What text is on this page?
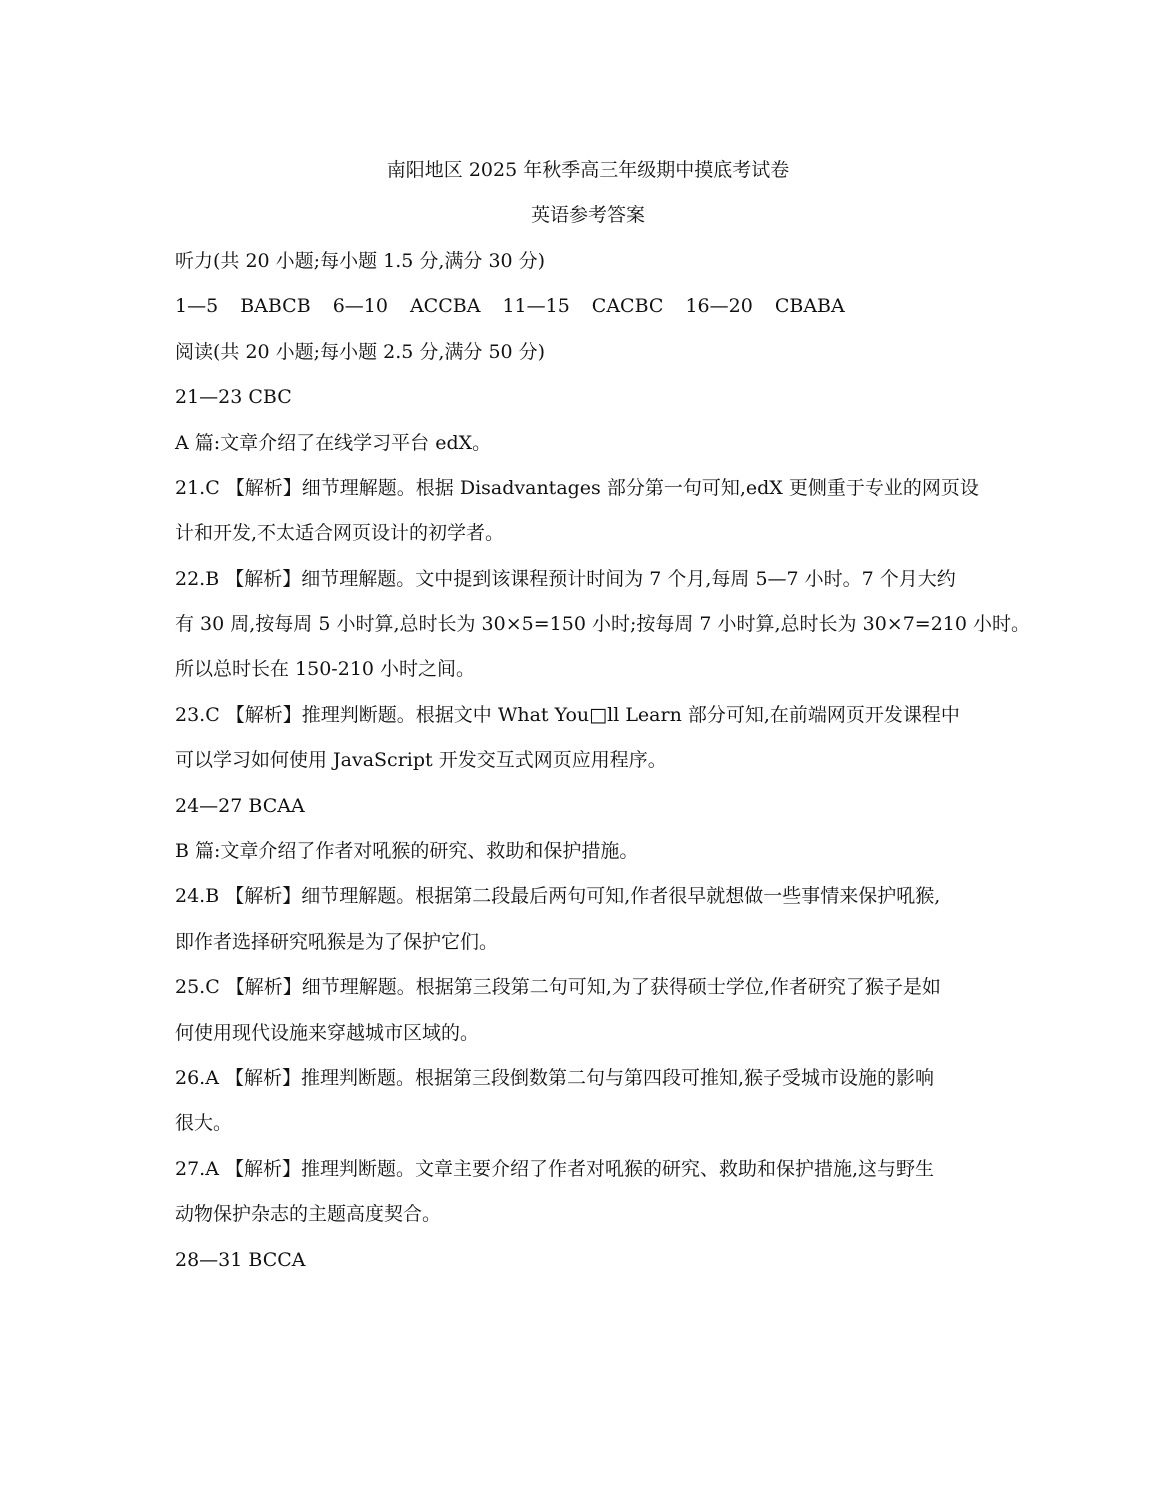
南阳地区 2025 年秋季高三年级期中摸底考试卷
英语参考答案
听力(共 20 小题;每小题 1.5 分,满分 30 分)
1—5 BABCB 6—10 ACCBA 11—15 CACBC 16—20 CBABA
阅读(共 20 小题;每小题 2.5 分,满分 50 分)
21—23 CBC
A 篇:文章介绍了在线学习平台 edX。
21.C 【解析】细节理解题。根据 Disadvantages 部分第一句可知,edX 更侧重于专业的网页设
计和开发,不太适合网页设计的初学者。
22.B 【解析】细节理解题。文中提到该课程预计时间为 7 个月,每周 5—7 小时。7 个月大约
有 30 周,按每周 5 小时算,总时长为 30×5=150 小时;按每周 7 小时算,总时长为 30×7=210 小时。
所以总时长在 150-210 小时之间。
23.C 【解析】推理判断题。根据文中 What You□ll Learn 部分可知,在前端网页开发课程中
可以学习如何使用 JavaScript 开发交互式网页应用程序。
24—27 BCAA
B 篇:文章介绍了作者对吼猴的研究、救助和保护措施。
24.B 【解析】细节理解题。根据第二段最后两句可知,作者很早就想做一些事情来保护吼猴,
即作者选择研究吼猴是为了保护它们。
25.C 【解析】细节理解题。根据第三段第二句可知,为了获得硕士学位,作者研究了猴子是如
何使用现代设施来穿越城市区域的。
26.A 【解析】推理判断题。根据第三段倒数第二句与第四段可推知,猴子受城市设施的影响
很大。
27.A 【解析】推理判断题。文章主要介绍了作者对吼猴的研究、救助和保护措施,这与野生
动物保护杂志的主题高度契合。
28—31 BCCA
